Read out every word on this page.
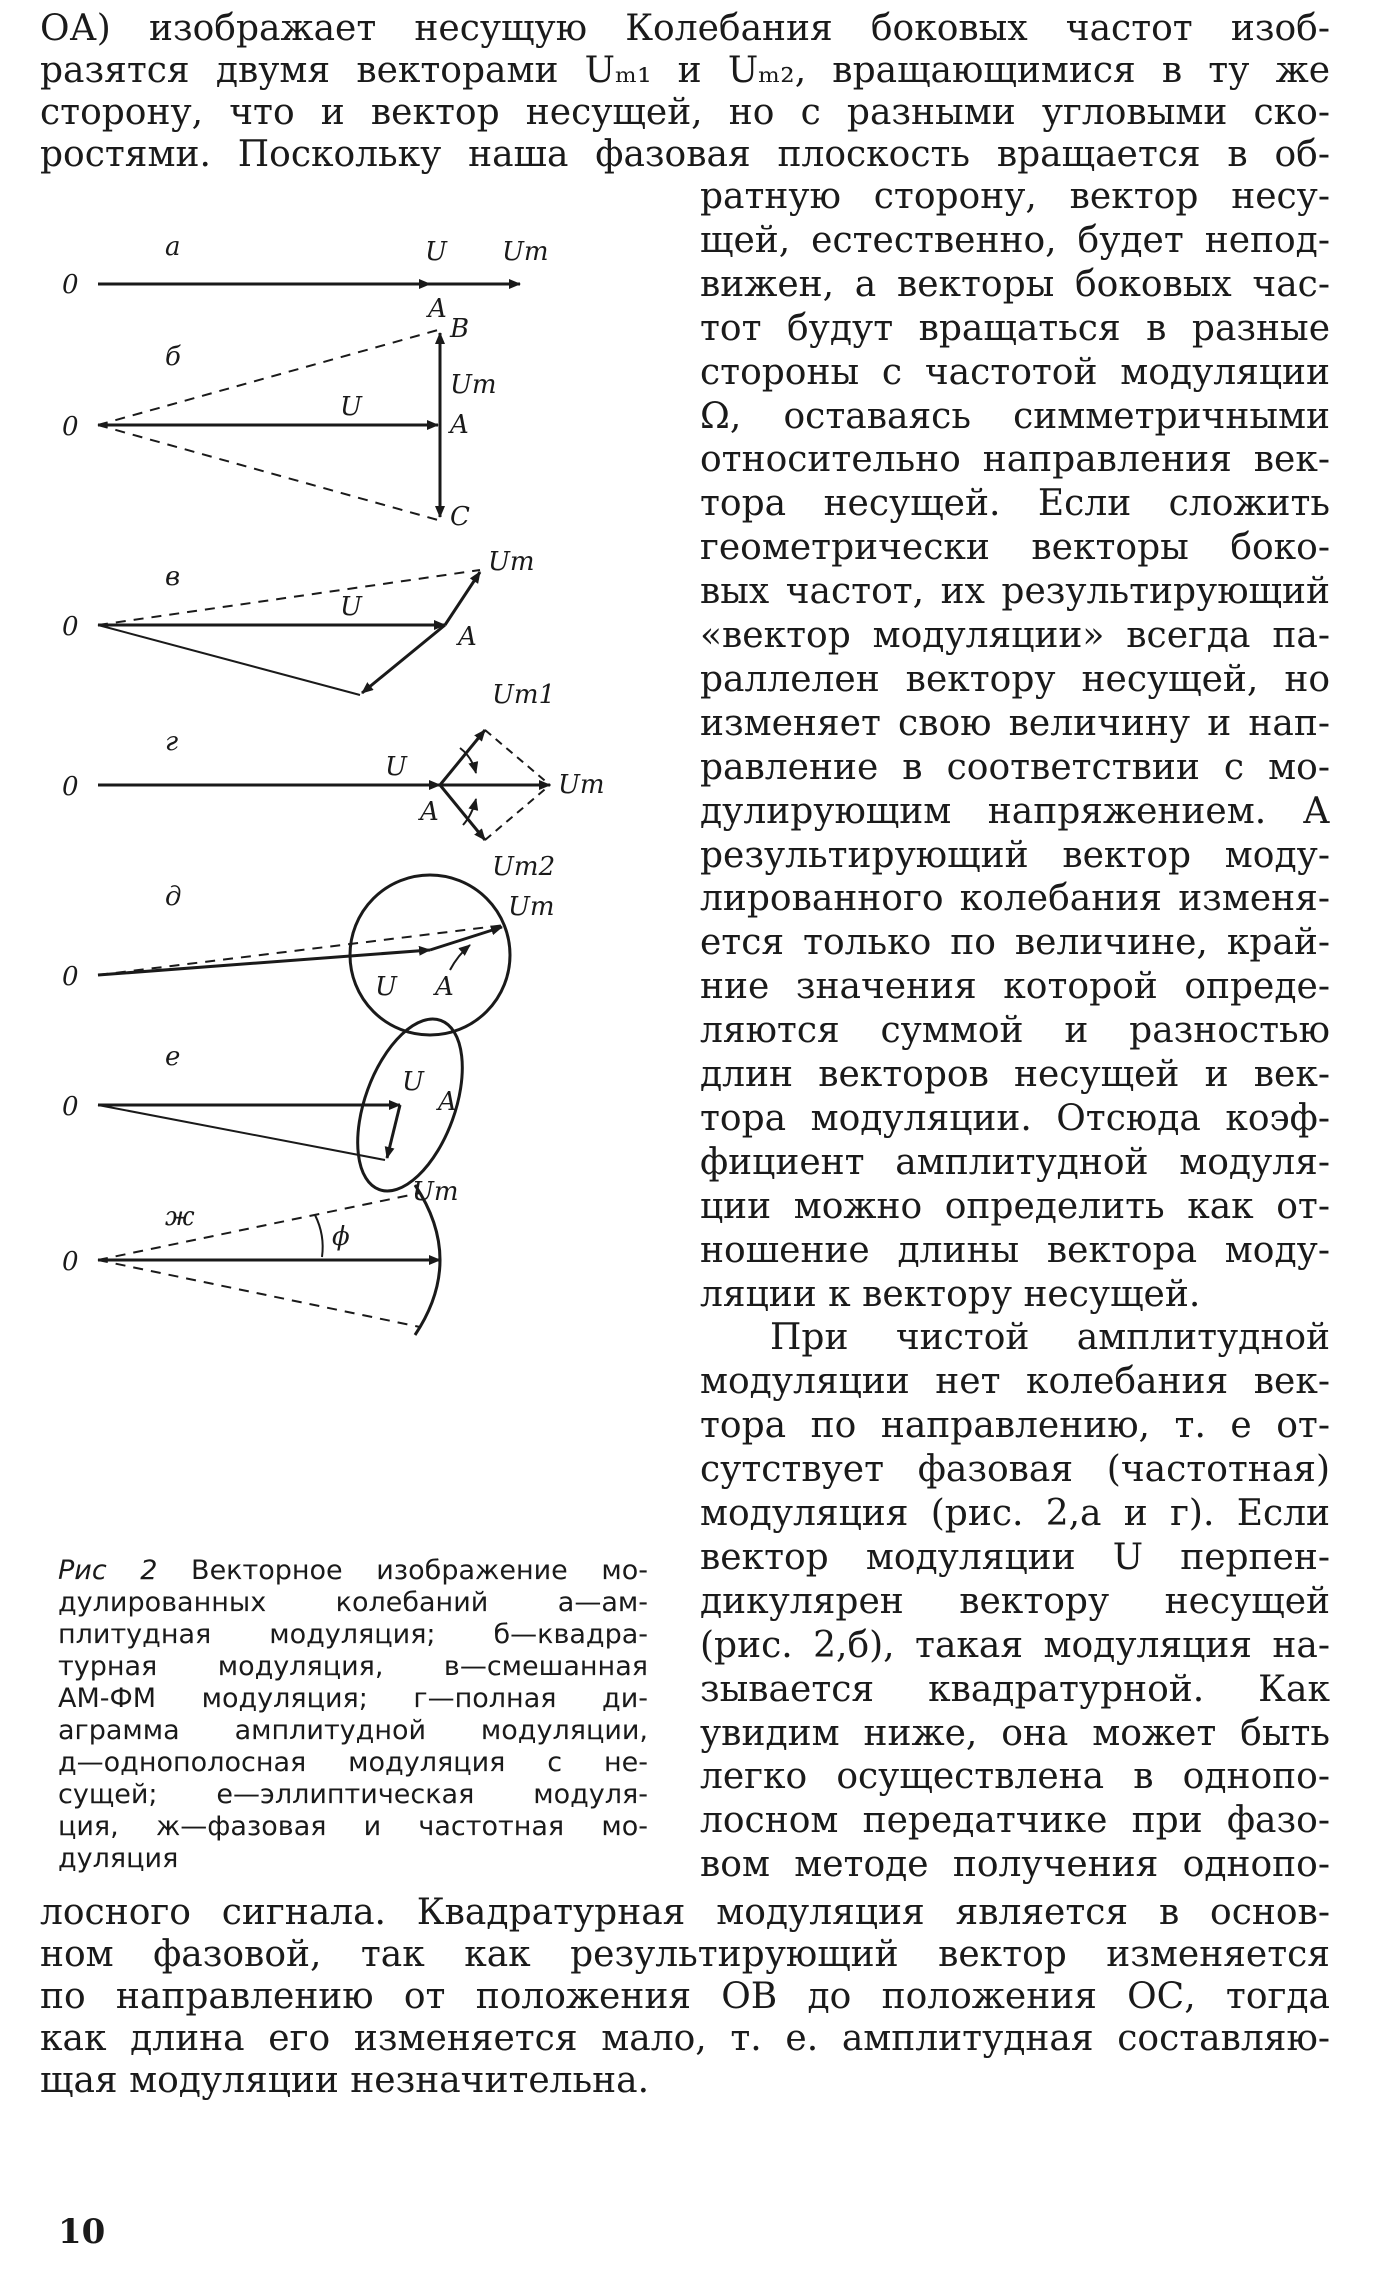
ОА) изображает несущую Колебания боковых частот изоб-
разятся двумя векторами Uₘ₁ и Uₘ₂, вращающимися в ту же
сторону, что и вектор несущей, но с разными угловыми ско-
ростями. Поскольку наша фазовая плоскость вращается в об-
ратную сторону, вектор несу-
щей, естественно, будет непод-
вижен, а векторы боковых час-
тот будут вращаться в разные
стороны с частотой модуляции
Ω, оставаясь симметричными
относительно направления век-
тора несущей. Если сложить
геометрически векторы боко-
вых частот, их результирующий
«вектор модуляции» всегда па-
раллелен вектору несущей, но
изменяет свою величину и нап-
равление в соответствии с мо-
дулирующим напряжением. А
результирующий вектор моду-
лированного колебания изменя-
ется только по величине, край-
ние значения которой опреде-
ляются суммой и разностью
длин векторов несущей и век-
тора модуляции. Отсюда коэф-
фициент амплитудной модуля-
ции можно определить как от-
ношение длины вектора моду-
ляции к вектору несущей.
При чистой амплитудной
модуляции нет колебания век-
тора по направлению, т. е от-
сутствует фазовая (частотная)
модуляция (рис. 2,а и г). Если
вектор модуляции U перпен-
дикулярен вектору несущей
(рис. 2,б), такая модуляция на-
зывается квадратурной. Как
увидим ниже, она может быть
легко осуществлена в однопо-
лосном передатчике при фазо-
вом методе получения однопо-
лосного сигнала. Квадратурная модуляция является в основ-
ном фазовой, так как результирующий вектор изменяется
по направлению от положения ОВ до положения ОС, тогда
как длина его изменяется мало, т. е. амплитудная составляю-
щая модуляции незначительна.
а
0
U Um
A
б
0
U
B
Um
A
C
в
0
U
Um
A
г
0
U
A
Um
Um1
Um2
д
0	U A
Um
е
0
U
A
Um
ж
0
ϕ
Рис 2 Векторное изображение мо-
дулированных колебаний а—ам-
плитудная модуляция; б—квадра-
турная модуляция, в—смешанная
АМ-ФМ модуляция; г—полная ди-
аграмма амплитудной модуляции,
д—однополосная модуляция с не-
сущей; е—эллиптическая модуля-
ция, ж—фазовая и частотная мо-
дуляция
10
